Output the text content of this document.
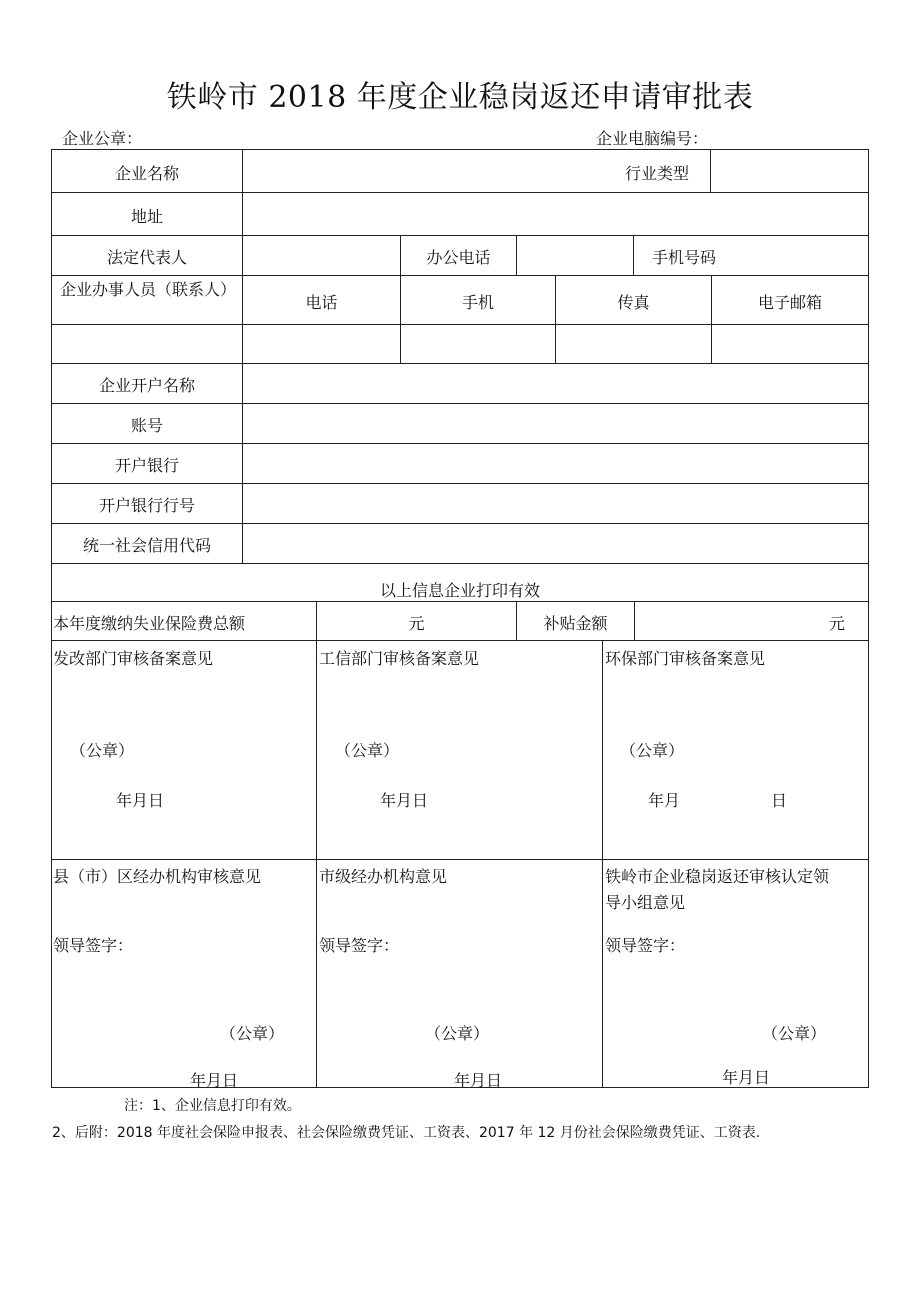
铁岭市 2018 年度企业稳岗返还申请审批表
企业公章：	企业电脑编号：
企业名称	行业类型
地址
法定代表人	办公电话	手机号码
企业办事人员（联系人）
电话	手机	传真	电子邮箱
企业开户名称
账号
开户银行
开户银行行号
统一社会信用代码
以上信息企业打印有效
本年度缴纳失业保险费总额	元	补贴金额	元
发改部门审核备案意见	工信部门审核备案意见	环保部门审核备案意见
（公章）	（公章）	（公章）
年月日	年月日	年月	日
县（市）区经办机构审核意见	市级经办机构意见	铁岭市企业稳岗返还审核认定领
导小组意见
领导签字：	领导签字：	领导签字：
（公章）	（公章）	（公章）
年月日	年月日	年月日
注：1、企业信息打印有效。
2、后附：2018 年度社会保险申报表、社会保险缴费凭证、工资表、2017 年 12 月份社会保险缴费凭证、工资表.
